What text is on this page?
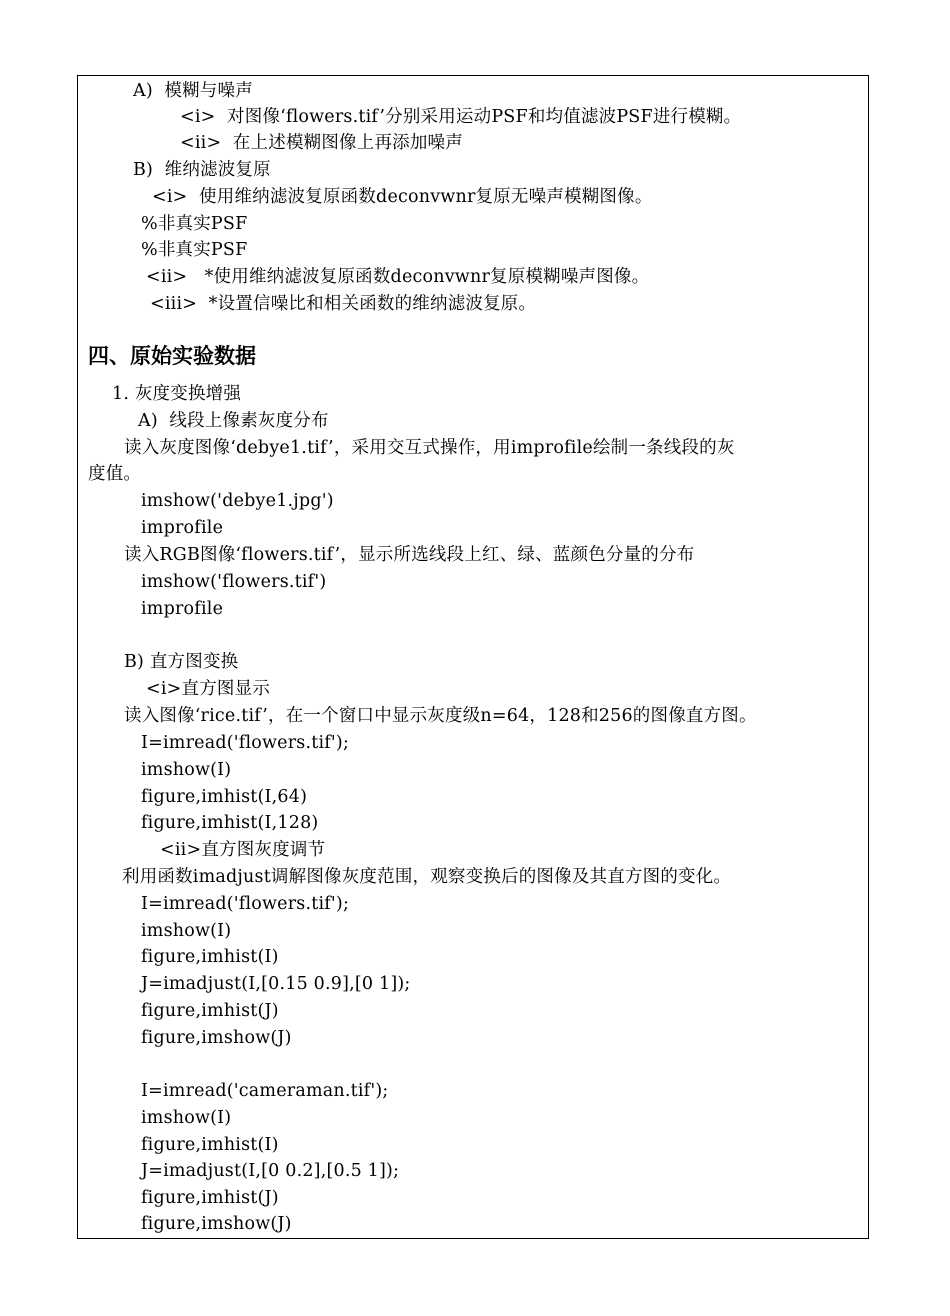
A)  模糊与噪声
<i>  对图像‘flowers.tif’分别采用运动PSF和均值滤波PSF进行模糊。
<ii>  在上述模糊图像上再添加噪声
B)  维纳滤波复原
<i>  使用维纳滤波复原函数deconvwnr复原无噪声模糊图像。
%非真实PSF
%非真实PSF
<ii>   *使用维纳滤波复原函数deconvwnr复原模糊噪声图像。
<iii>  *设置信噪比和相关函数的维纳滤波复原。
四、原始实验数据
1. 灰度变换增强
A)  线段上像素灰度分布
读入灰度图像‘debye1.tif’，采用交互式操作，用improfile绘制一条线段的灰
度值。
imshow('debye1.jpg')
improfile
读入RGB图像‘flowers.tif’，显示所选线段上红、绿、蓝颜色分量的分布
imshow('flowers.tif')
improfile
B) 直方图变换
<i>直方图显示
读入图像‘rice.tif’，在一个窗口中显示灰度级n=64，128和256的图像直方图。
I=imread('flowers.tif');
imshow(I)
figure,imhist(I,64)
figure,imhist(I,128)
<ii>直方图灰度调节
利用函数imadjust调解图像灰度范围，观察变换后的图像及其直方图的变化。
I=imread('flowers.tif');
imshow(I)
figure,imhist(I)
J=imadjust(I,[0.15 0.9],[0 1]);
figure,imhist(J)
figure,imshow(J)
I=imread('cameraman.tif');
imshow(I)
figure,imhist(I)
J=imadjust(I,[0 0.2],[0.5 1]);
figure,imhist(J)
figure,imshow(J)
